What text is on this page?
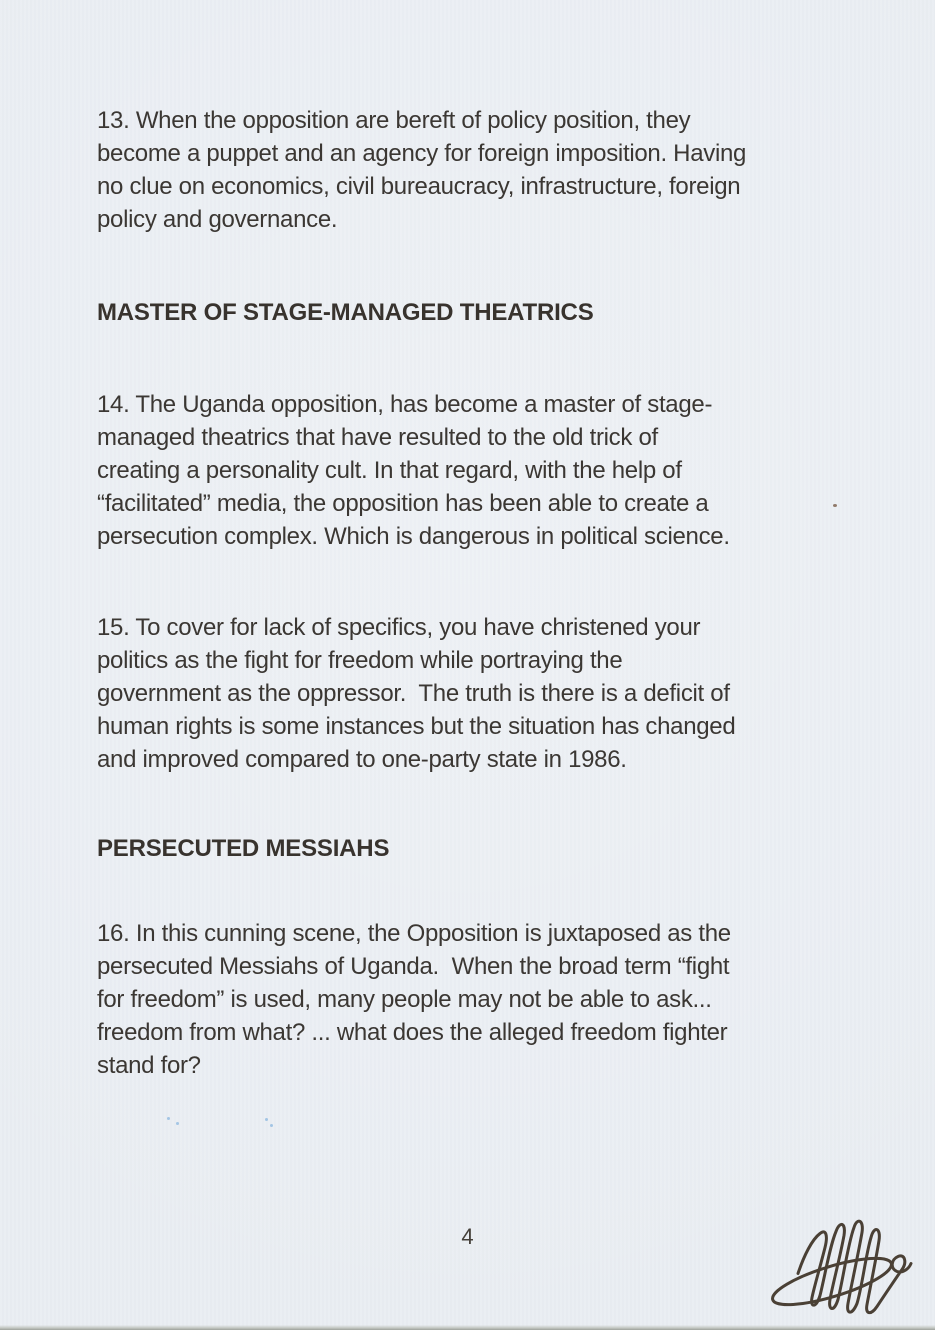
13. When the opposition are bereft of policy position, they
become a puppet and an agency for foreign imposition. Having
no clue on economics, civil bureaucracy, infrastructure, foreign
policy and governance.
MASTER OF STAGE-MANAGED THEATRICS
14. The Uganda opposition, has become a master of stage-
managed theatrics that have resulted to the old trick of
creating a personality cult. In that regard, with the help of
“facilitated” media, the opposition has been able to create a
persecution complex. Which is dangerous in political science.
15. To cover for lack of specifics, you have christened your
politics as the fight for freedom while portraying the
government as the oppressor.  The truth is there is a deficit of
human rights is some instances but the situation has changed
and improved compared to one-party state in 1986.
PERSECUTED MESSIAHS
16. In this cunning scene, the Opposition is juxtaposed as the
persecuted Messiahs of Uganda.  When the broad term “fight
for freedom” is used, many people may not be able to ask...
freedom from what? ... what does the alleged freedom fighter
stand for?
4
